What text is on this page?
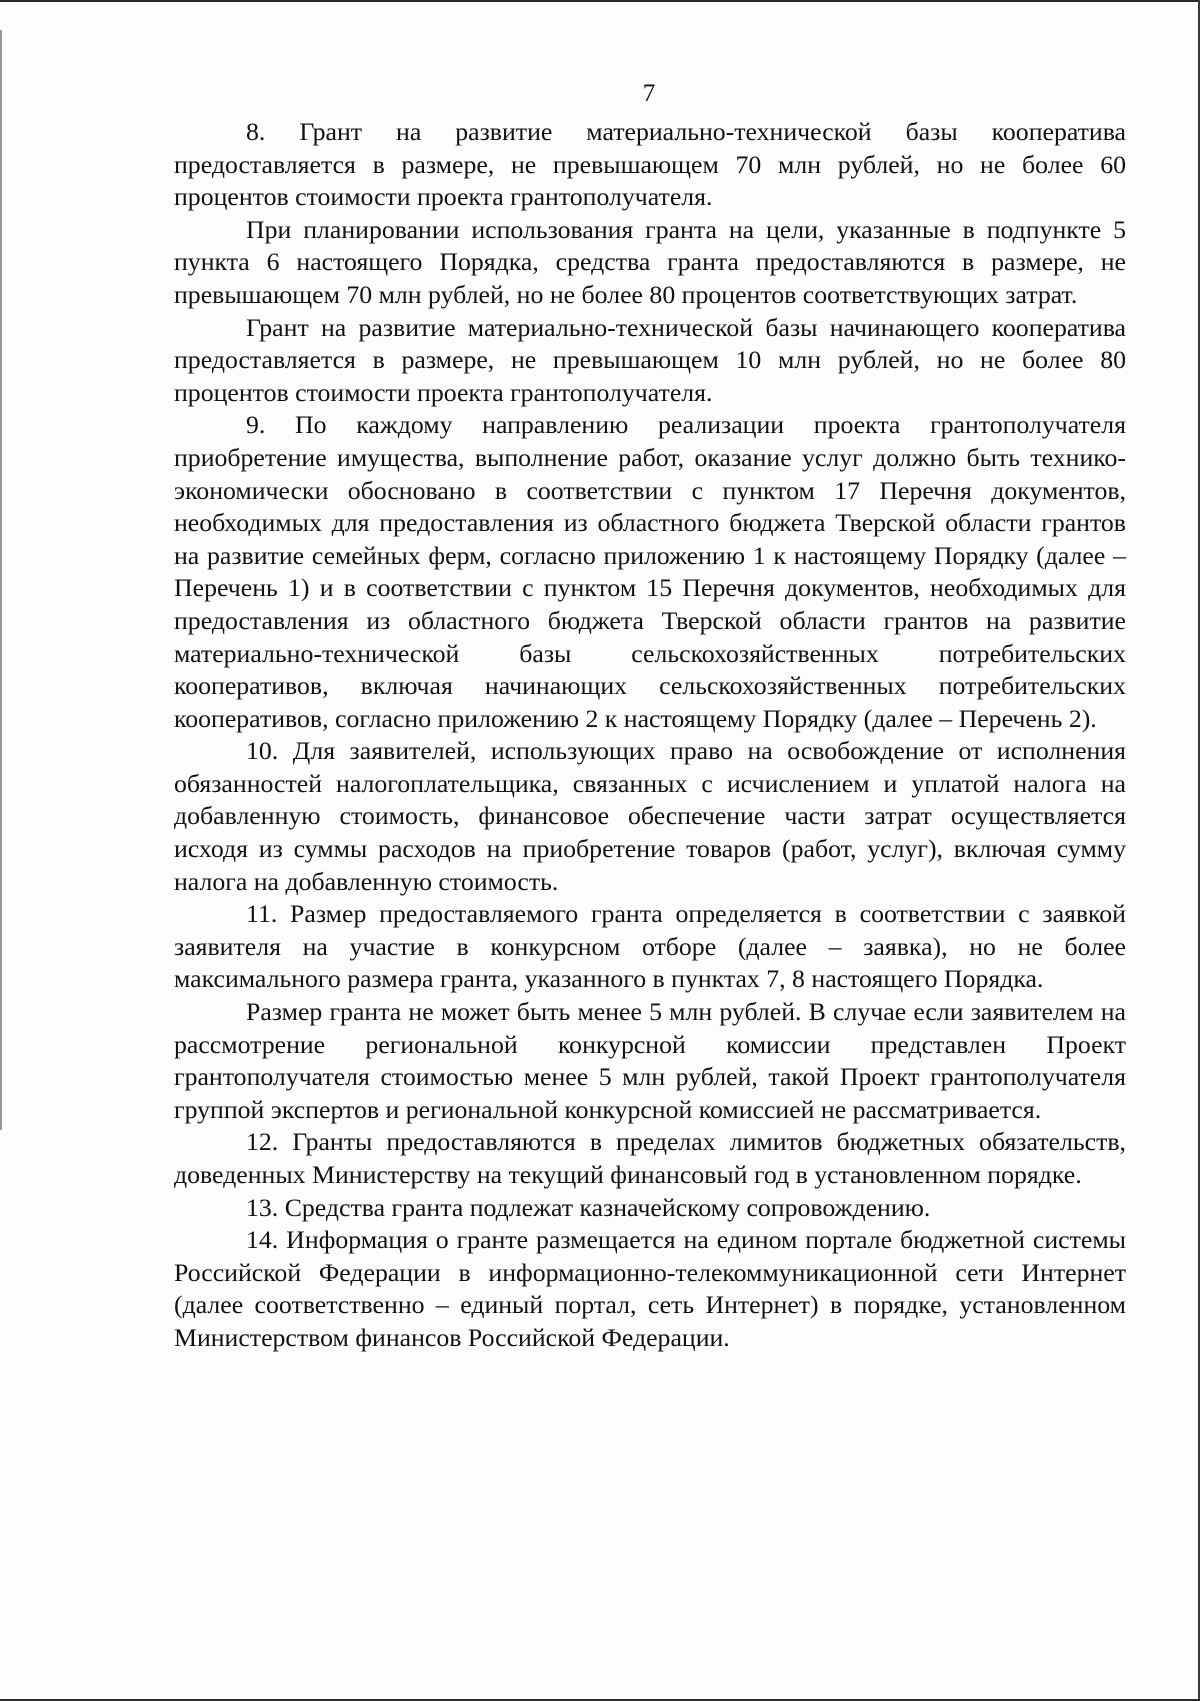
7

8. Грант на развитие материально-технической базы кооператива предоставляется в размере, не превышающем 70 млн рублей, но не более 60 процентов стоимости проекта грантополучателя.

При планировании использования гранта на цели, указанные в подпункте 5 пункта 6 настоящего Порядка, средства гранта предоставляются в размере, не превышающем 70 млн рублей, но не более 80 процентов соответствующих затрат.

Грант на развитие материально-технической базы начинающего кооператива предоставляется в размере, не превышающем 10 млн рублей, но не более 80 процентов стоимости проекта грантополучателя.

9. По каждому направлению реализации проекта грантополучателя приобретение имущества, выполнение работ, оказание услуг должно быть технико-экономически обосновано в соответствии с пунктом 17 Перечня документов, необходимых для предоставления из областного бюджета Тверской области грантов на развитие семейных ферм, согласно приложению 1 к настоящему Порядку (далее – Перечень 1) и в соответствии с пунктом 15 Перечня документов, необходимых для предоставления из областного бюджета Тверской области грантов на развитие материально-технической базы сельскохозяйственных потребительских кооперативов, включая начинающих сельскохозяйственных потребительских кооперативов, согласно приложению 2 к настоящему Порядку (далее – Перечень 2).

10. Для заявителей, использующих право на освобождение от исполнения обязанностей налогоплательщика, связанных с исчислением и уплатой налога на добавленную стоимость, финансовое обеспечение части затрат осуществляется исходя из суммы расходов на приобретение товаров (работ, услуг), включая сумму налога на добавленную стоимость.

11. Размер предоставляемого гранта определяется в соответствии с заявкой заявителя на участие в конкурсном отборе (далее – заявка), но не более максимального размера гранта, указанного в пунктах 7, 8 настоящего Порядка.

Размер гранта не может быть менее 5 млн рублей. В случае если заявителем на рассмотрение региональной конкурсной комиссии представлен Проект грантополучателя стоимостью менее 5 млн рублей, такой Проект грантополучателя группой экспертов и региональной конкурсной комиссией не рассматривается.

12. Гранты предоставляются в пределах лимитов бюджетных обязательств, доведенных Министерству на текущий финансовый год в установленном порядке.

13. Средства гранта подлежат казначейскому сопровождению.

14. Информация о гранте размещается на едином портале бюджетной системы Российской Федерации в информационно-телекоммуникационной сети Интернет (далее соответственно – единый портал, сеть Интернет) в порядке, установленном Министерством финансов Российской Федерации.
